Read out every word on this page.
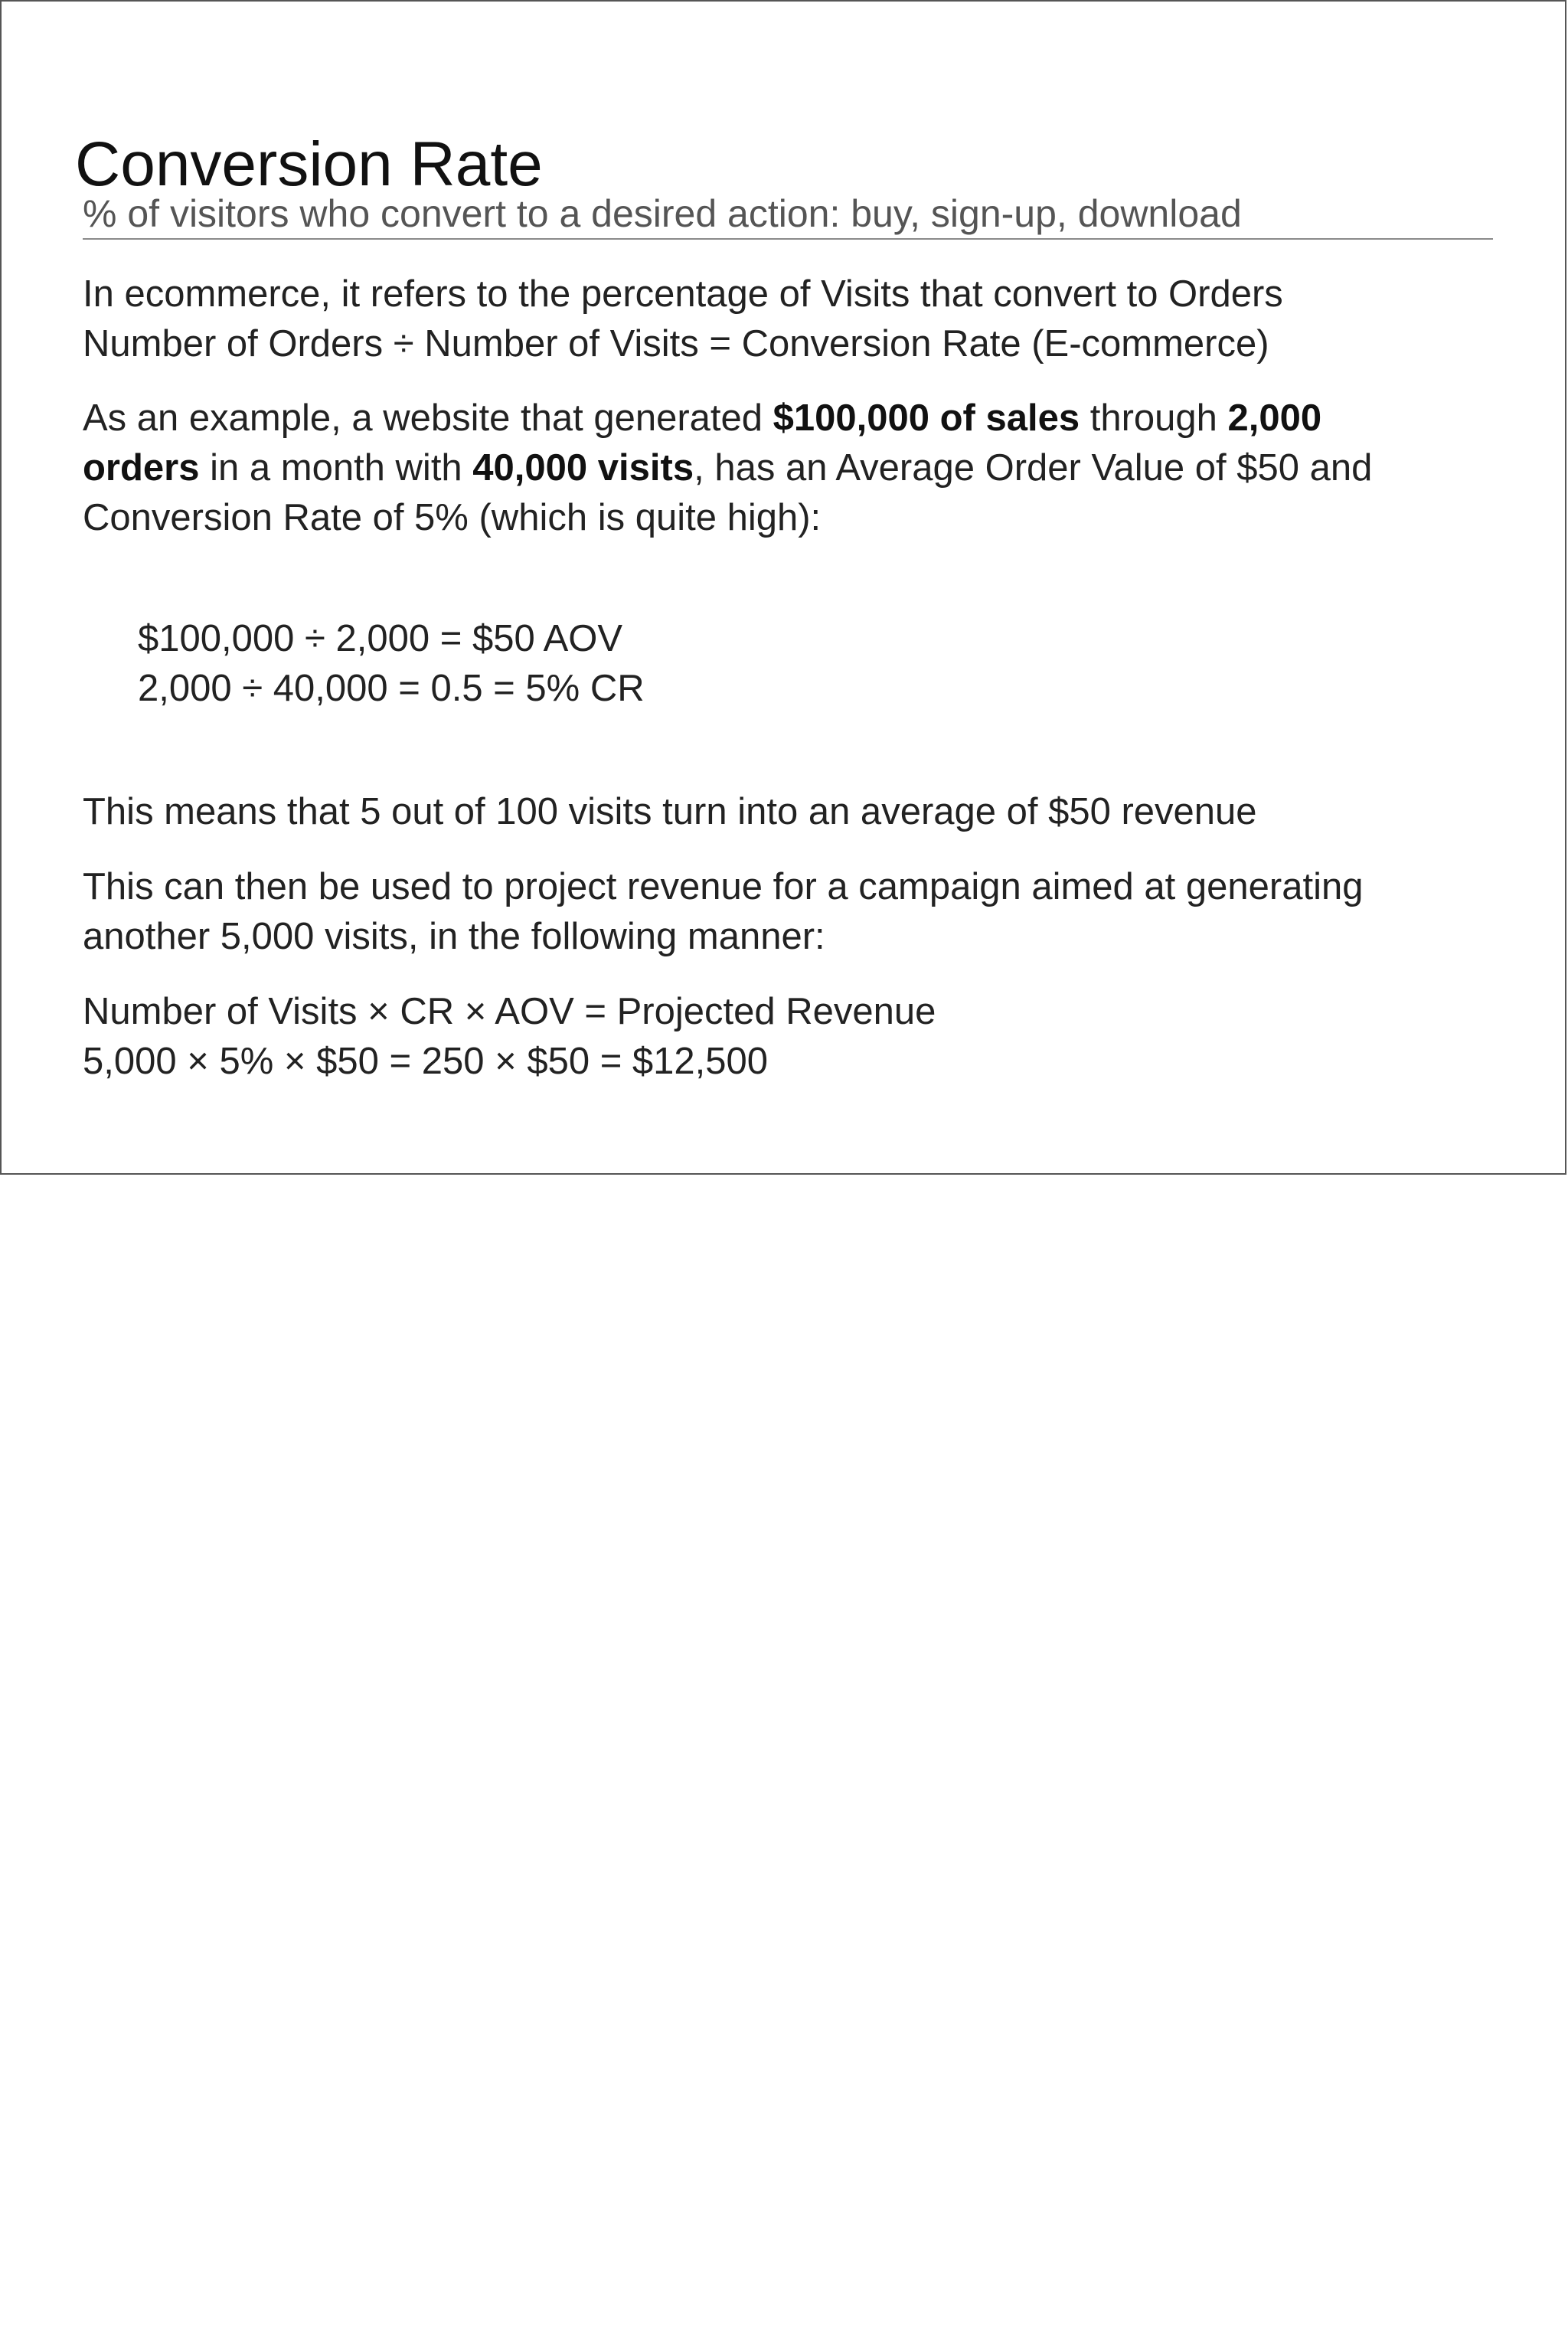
Conversion Rate
% of visitors who convert to a desired action: buy, sign-up, download
In ecommerce, it refers to the percentage of Visits that convert to Orders
Number of Orders ÷ Number of Visits = Conversion Rate (E-commerce)
As an example, a website that generated $100,000 of sales through 2,000
orders in a month with 40,000 visits, has an Average Order Value of $50 and
Conversion Rate of 5% (which is quite high):
$100,000 ÷ 2,000 = $50 AOV
2,000 ÷ 40,000 = 0.5 = 5% CR
This means that 5 out of 100 visits turn into an average of $50 revenue
This can then be used to project revenue for a campaign aimed at generating
another 5,000 visits, in the following manner:
Number of Visits × CR × AOV = Projected Revenue
5,000 × 5% × $50 = 250 × $50 = $12,500
